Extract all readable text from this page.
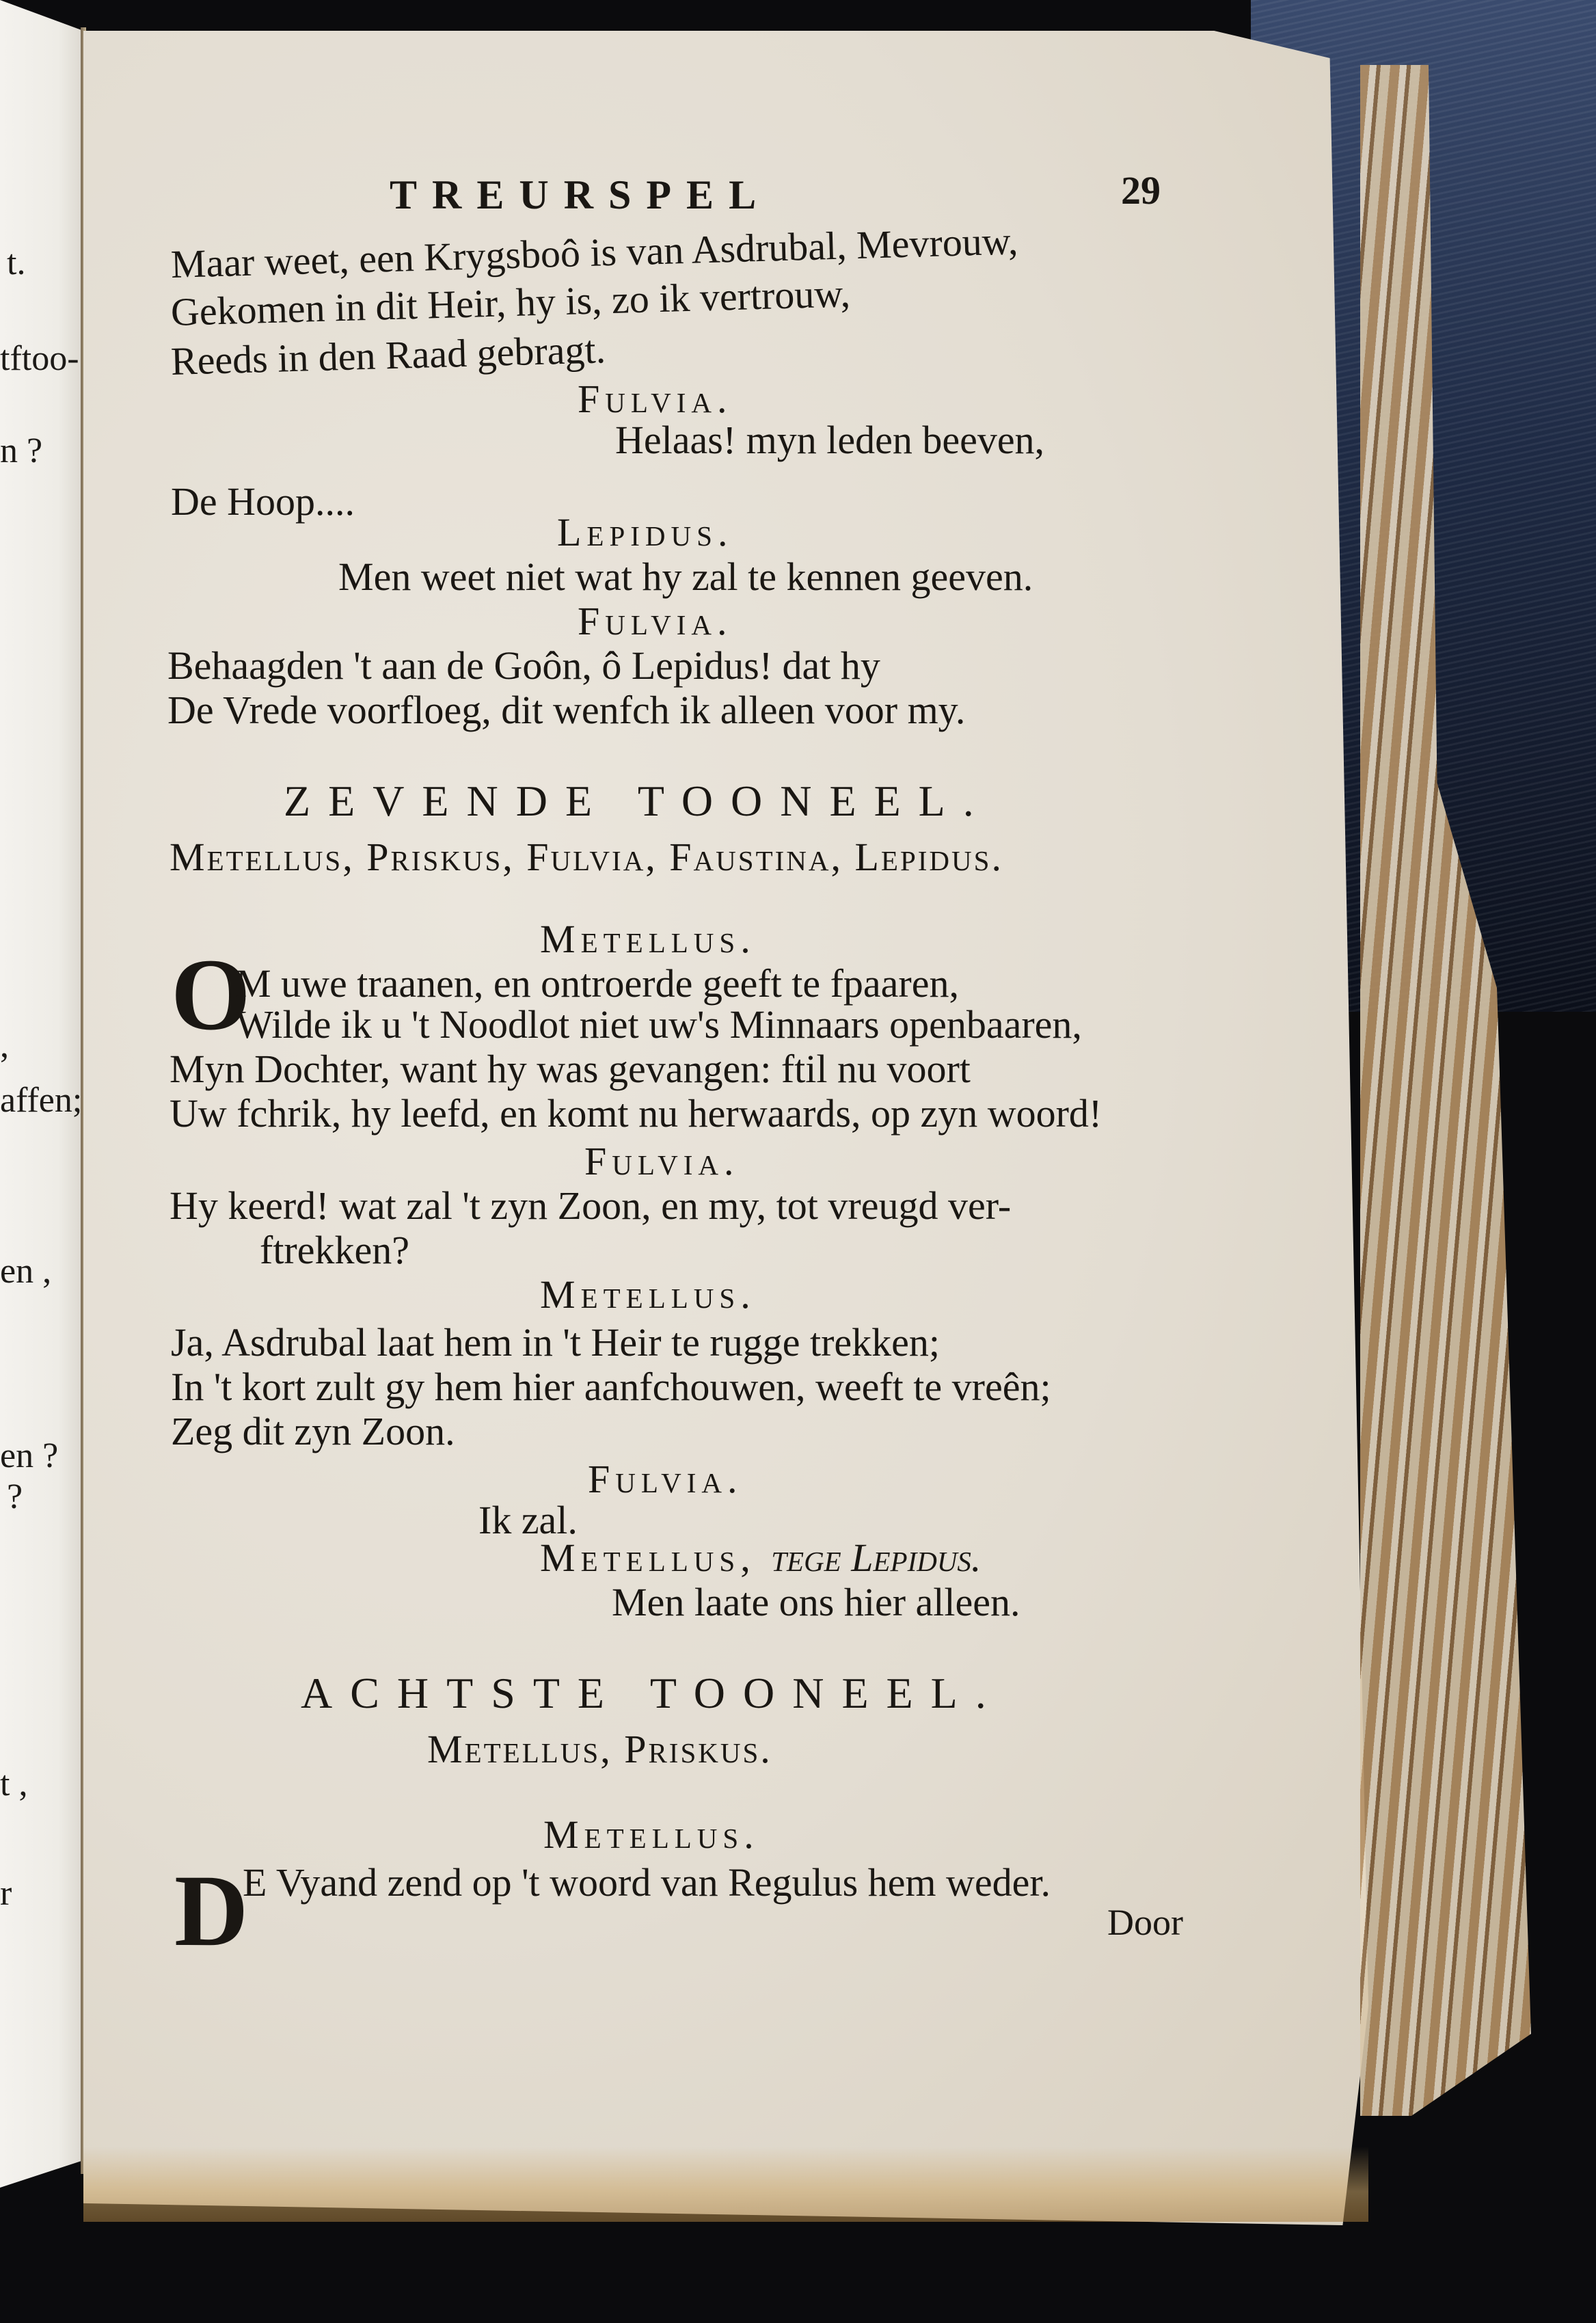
t.
tftoo-
n ?
,
affen;
en ,
en ?
?
t ,
r
TREURSPEL	29
Maar weet, een Krygsboô is van Asdrubal, Mevrouw,
Gekomen in dit Heir, hy is, zo ik vertrouw,
Reeds in den Raad gebragt.
Fulvia.
Helaas! myn leden beeven,
De Hoop....
Lepidus.
Men weet niet wat hy zal te kennen geeven.
Fulvia.
Behaagden 't aan de Goôn, ô Lepidus! dat hy
De Vrede voorfloeg, dit wenfch ik alleen voor my.
ZEVENDE TOONEEL.
Metellus, Priskus, Fulvia, Faustina, Lepidus.
Metellus.
O
M uwe traanen, en ontroerde geeft te fpaaren,
Wilde ik u 't Noodlot niet uw's Minnaars openbaaren,
Myn Dochter, want hy was gevangen: ftil nu voort
Uw fchrik, hy leefd, en komt nu herwaards, op zyn woord!
Fulvia.
Hy keerd! wat zal 't zyn Zoon, en my, tot vreugd ver-
ftrekken?
Metellus.
Ja, Asdrubal laat hem in 't Heir te rugge trekken;
In 't kort zult gy hem hier aanfchouwen, weeft te vreên;
Zeg dit zyn Zoon.
Fulvia.
Ik zal.
Metellus, tege Lepidus.
Men laate ons hier alleen.
ACHTSTE TOONEEL.
Metellus, Priskus.
Metellus.
D
E Vyand zend op 't woord van Regulus hem weder.
Door
